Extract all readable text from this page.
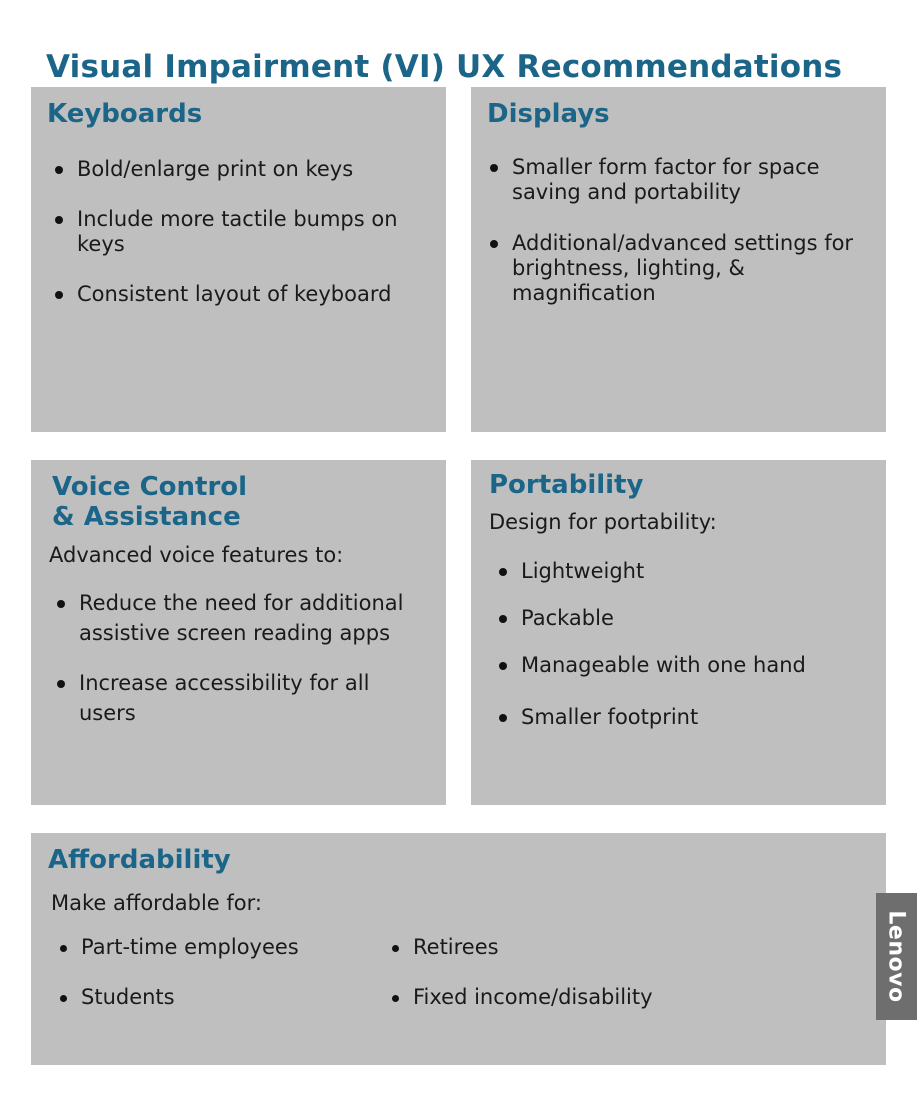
Visual Impairment (VI) UX Recommendations
Keyboards
Bold/enlarge print on keys
Include more tactile bumps on keys
Consistent layout of keyboard
Displays
Smaller form factor for space saving and portability
Additional/advanced settings for brightness, lighting, & magnification
Voice Control
& Assistance

Advanced voice features to:

Reduce the need for additional assistive screen reading apps
Increase accessibility for all users
Portability

Design for portability:

Lightweight
Packable
Manageable with one hand
Smaller footprint
Affordability

Make affordable for:

Part-time employees
Students
Retirees
Fixed income/disability	Lenovo
